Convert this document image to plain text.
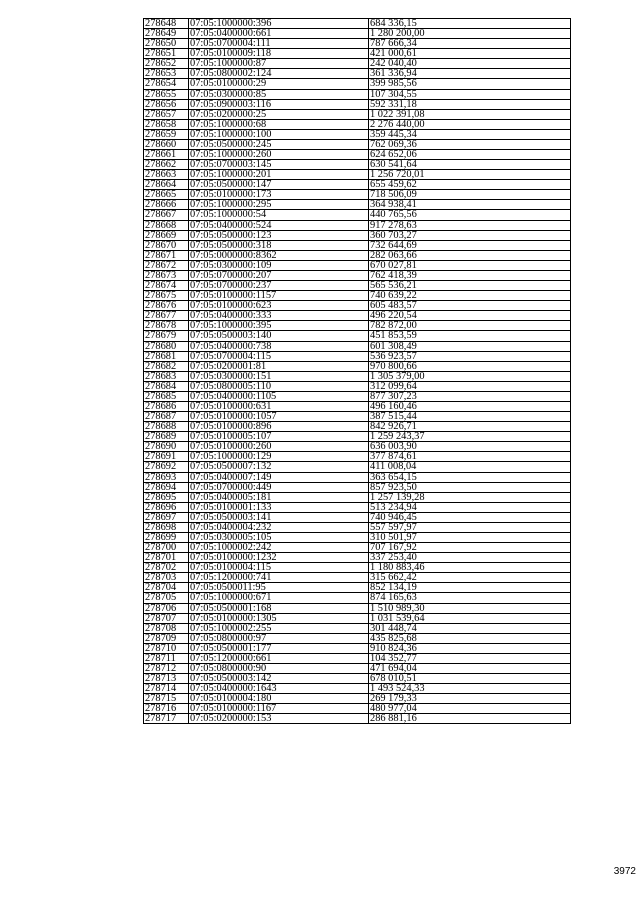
278648	07:05:1000000:396	684 336,15
278649	07:05:0400000:661	1 280 200,00
278650	07:05:0700004:111	787 666,34
278651	07:05:0100009:118	421 000,61
278652	07:05:1000000:87	242 040,40
278653	07:05:0800002:124	361 336,94
278654	07:05:0100000:29	399 985,56
278655	07:05:0300000:85	107 304,55
278656	07:05:0900003:116	592 331,18
278657	07:05:0200000:25	1 022 391,08
278658	07:05:1000000:68	2 276 440,00
278659	07:05:1000000:100	359 445,34
278660	07:05:0500000:245	762 069,36
278661	07:05:1000000:260	624 652,06
278662	07:05:0700003:145	630 541,64
278663	07:05:1000000:201	1 256 720,01
278664	07:05:0500000:147	655 459,62
278665	07:05:0100000:173	718 506,09
278666	07:05:1000000:295	364 938,41
278667	07:05:1000000:54	440 765,56
278668	07:05:0400000:524	917 278,63
278669	07:05:0500000:123	360 703,27
278670	07:05:0500000:318	732 644,69
278671	07:05:0000000:8362	282 063,66
278672	07:05:0300000:109	670 027,81
278673	07:05:0700000:207	762 418,39
278674	07:05:0700000:237	565 536,21
278675	07:05:0100000:1157	740 639,22
278676	07:05:0100000:623	605 483,57
278677	07:05:0400000:333	496 220,54
278678	07:05:1000000:395	782 872,00
278679	07:05:0500003:140	451 853,59
278680	07:05:0400000:738	601 308,49
278681	07:05:0700004:115	536 923,57
278682	07:05:0200001:81	970 800,66
278683	07:05:0300000:151	1 305 379,00
278684	07:05:0800005:110	312 099,64
278685	07:05:0400000:1105	877 307,23
278686	07:05:0100000:631	496 160,46
278687	07:05:0100000:1057	387 515,44
278688	07:05:0100000:896	842 926,71
278689	07:05:0100005:107	1 259 243,37
278690	07:05:0100000:260	636 003,90
278691	07:05:1000000:129	377 874,61
278692	07:05:0500007:132	411 008,04
278693	07:05:0400007:149	363 654,15
278694	07:05:0700000:449	857 923,50
278695	07:05:0400005:181	1 257 139,28
278696	07:05:0100001:133	513 234,94
278697	07:05:0500003:141	740 946,45
278698	07:05:0400004:232	557 597,97
278699	07:05:0300005:105	310 501,97
278700	07:05:1000002:242	707 167,92
278701	07:05:0100000:1232	337 253,40
278702	07:05:0100004:115	1 180 883,46
278703	07:05:1200000:741	315 662,42
278704	07:05:0500011:95	852 134,19
278705	07:05:1000000:671	874 165,63
278706	07:05:0500001:168	1 510 989,30
278707	07:05:0100000:1305	1 031 539,64
278708	07:05:1000002:255	301 448,74
278709	07:05:0800000:97	435 825,68
278710	07:05:0500001:177	910 824,36
278711	07:05:1200000:661	104 352,77
278712	07:05:0800000:90	471 694,04
278713	07:05:0500003:142	678 010,51
278714	07:05:0400000:1643	1 493 524,33
278715	07:05:0100004:180	269 179,33
278716	07:05:0100000:1167	480 977,04
278717	07:05:0200000:153	286 881,16
3972
